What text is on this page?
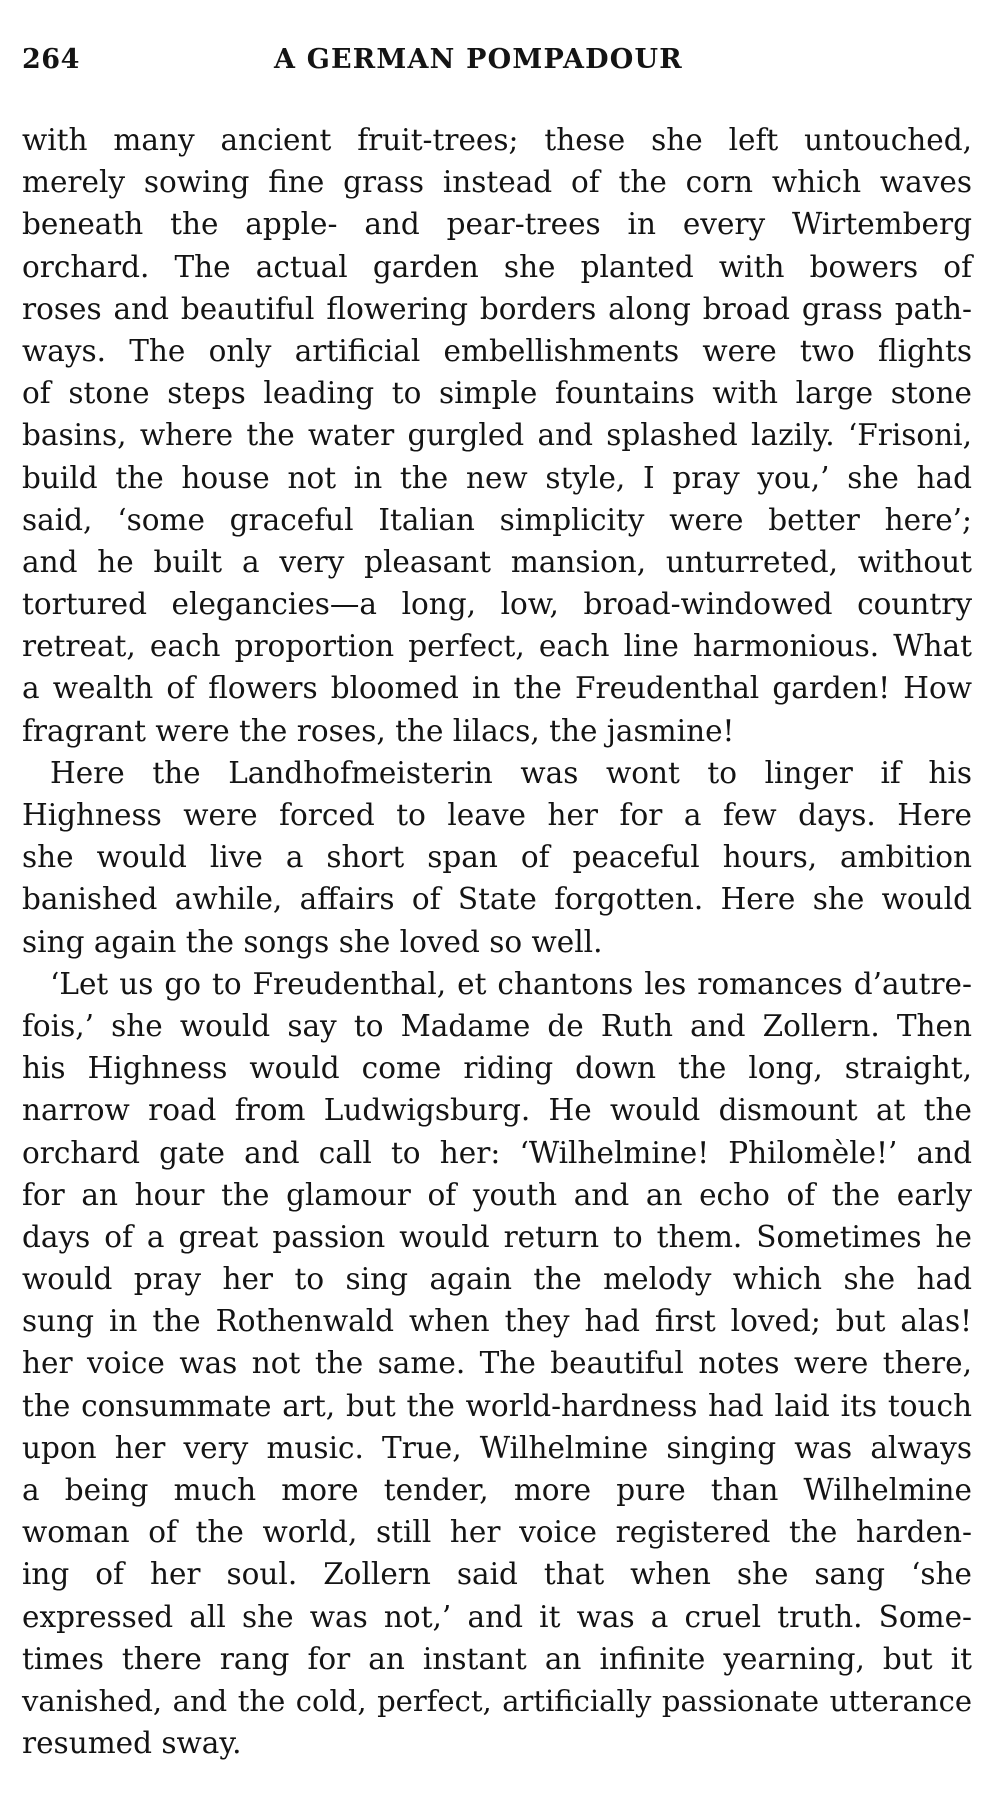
264	A GERMAN POMPADOUR
with many ancient fruit-trees; these she left untouched,
merely sowing fine grass instead of the corn which waves
beneath the apple- and pear-trees in every Wirtemberg
orchard. The actual garden she planted with bowers of
roses and beautiful flowering borders along broad grass path-
ways. The only artificial embellishments were two flights
of stone steps leading to simple fountains with large stone
basins, where the water gurgled and splashed lazily. ‘Frisoni,
build the house not in the new style, I pray you,’ she had
said, ‘some graceful Italian simplicity were better here’;
and he built a very pleasant mansion, unturreted, without
tortured elegancies—a long, low, broad-windowed country
retreat, each proportion perfect, each line harmonious. What
a wealth of flowers bloomed in the Freudenthal garden! How
fragrant were the roses, the lilacs, the jasmine!
Here the Landhofmeisterin was wont to linger if his
Highness were forced to leave her for a few days. Here
she would live a short span of peaceful hours, ambition
banished awhile, affairs of State forgotten. Here she would
sing again the songs she loved so well.
‘Let us go to Freudenthal, et chantons les romances d’autre-
fois,’ she would say to Madame de Ruth and Zollern. Then
his Highness would come riding down the long, straight,
narrow road from Ludwigsburg. He would dismount at the
orchard gate and call to her: ‘Wilhelmine! Philomèle!’ and
for an hour the glamour of youth and an echo of the early
days of a great passion would return to them. Sometimes he
would pray her to sing again the melody which she had
sung in the Rothenwald when they had first loved; but alas!
her voice was not the same. The beautiful notes were there,
the consummate art, but the world-hardness had laid its touch
upon her very music. True, Wilhelmine singing was always
a being much more tender, more pure than Wilhelmine
woman of the world, still her voice registered the harden-
ing of her soul. Zollern said that when she sang ‘she
expressed all she was not,’ and it was a cruel truth. Some-
times there rang for an instant an infinite yearning, but it
vanished, and the cold, perfect, artificially passionate utterance
resumed sway.
